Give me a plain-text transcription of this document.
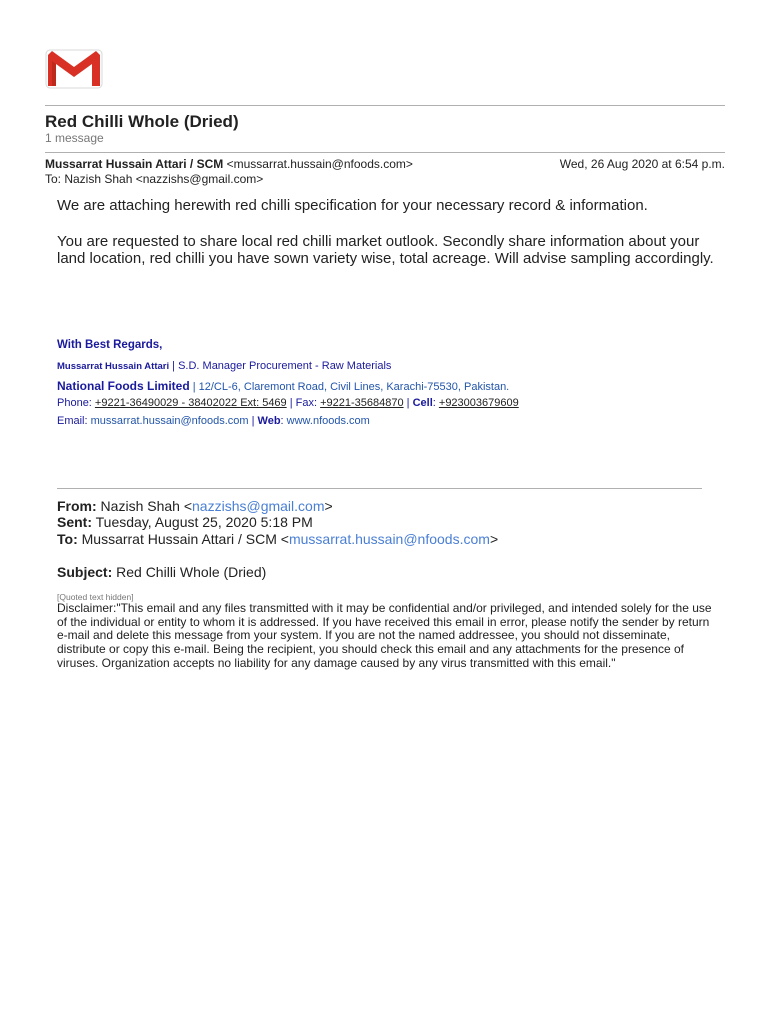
Red Chilli Whole (Dried)
1 message
Mussarrat Hussain Attari / SCM <mussarrat.hussain@nfoods.com>	Wed, 26 Aug 2020 at 6:54 p.m.
To: Nazish Shah <nazzishs@gmail.com>
We are attaching herewith red chilli specification for your necessary record & information.
You are requested to share local red chilli market outlook. Secondly share information about your land location, red chilli you have sown variety wise, total acreage. Will advise sampling accordingly.
With Best Regards,
Mussarrat Hussain Attari | S.D. Manager Procurement - Raw Materials
National Foods Limited | 12/CL-6, Claremont Road, Civil Lines, Karachi-75530, Pakistan.
Phone: +9221-36490029 - 38402022 Ext: 5469 | Fax: +9221-35684870 | Cell: +923003679609
Email: mussarrat.hussain@nfoods.com | Web: www.nfoods.com
From: Nazish Shah <nazzishs@gmail.com>
Sent: Tuesday, August 25, 2020 5:18 PM
To: Mussarrat Hussain Attari / SCM <mussarrat.hussain@nfoods.com>
Subject: Red Chilli Whole (Dried)
[Quoted text hidden]
Disclaimer:"This email and any files transmitted with it may be confidential and/or privileged, and intended solely for the use of the individual or entity to whom it is addressed. If you have received this email in error, please notify the sender by return e-mail and delete this message from your system. If you are not the named addressee, you should not disseminate, distribute or copy this e-mail. Being the recipient, you should check this email and any attachments for the presence of viruses. Organization accepts no liability for any damage caused by any virus transmitted with this email."
